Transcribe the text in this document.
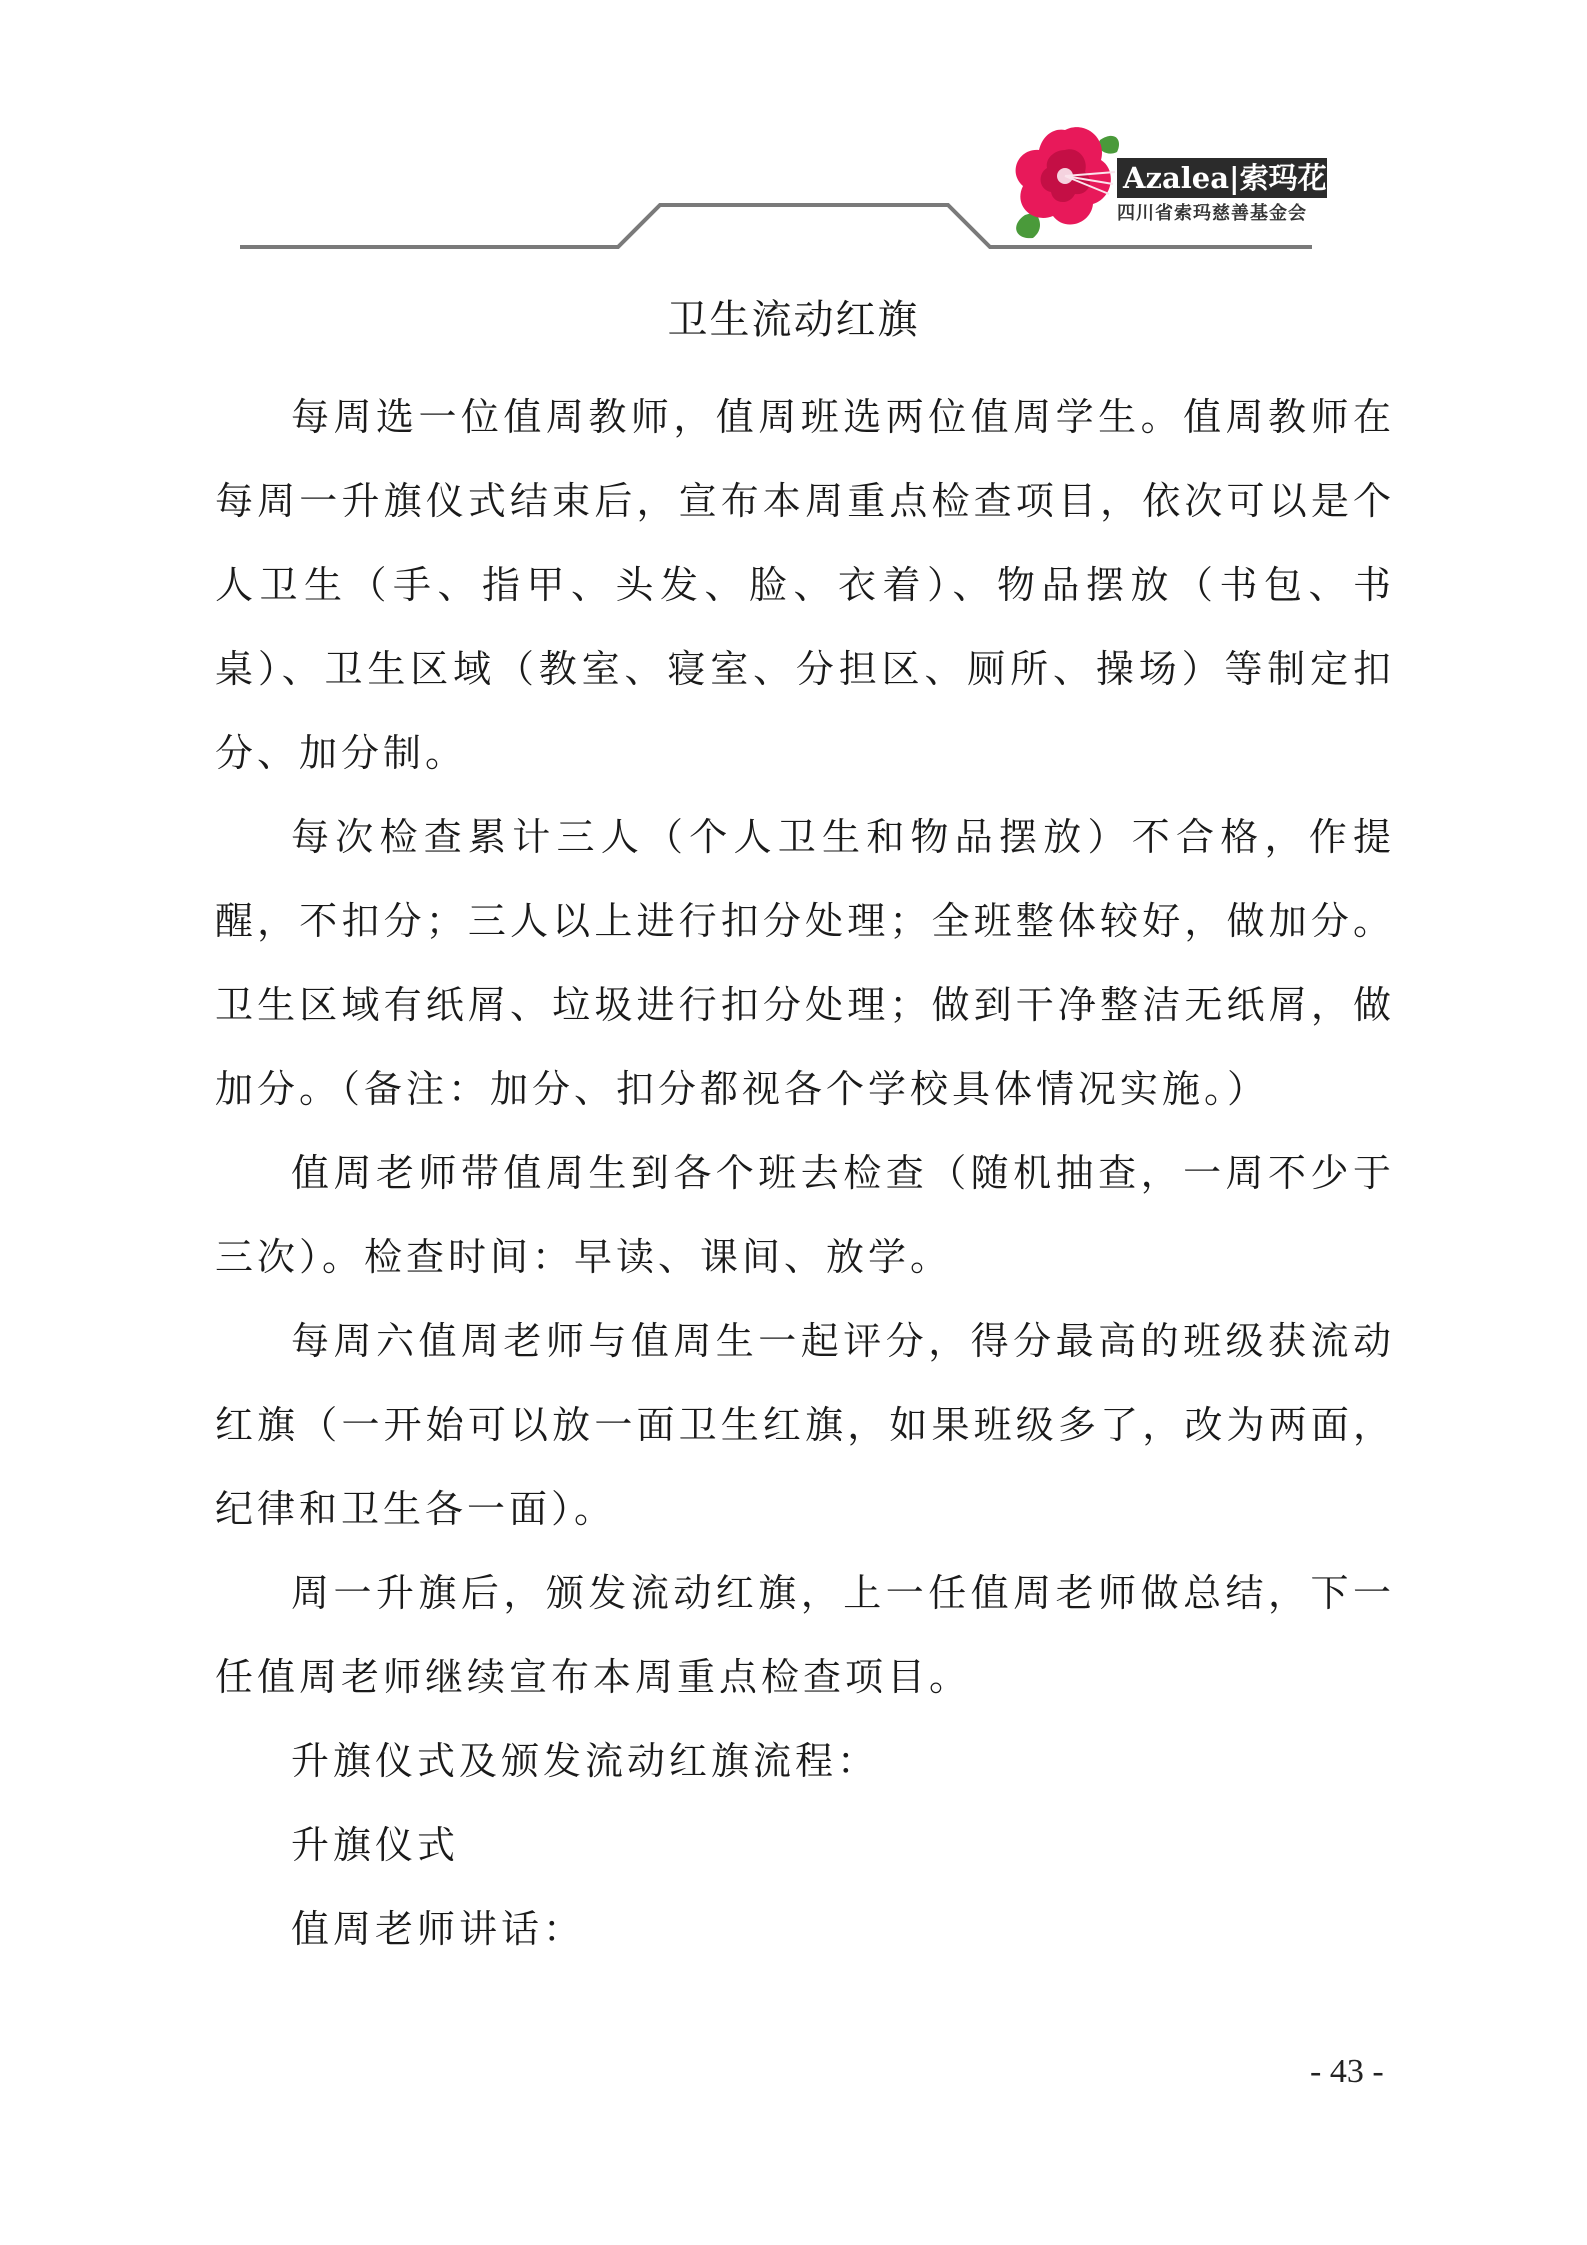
Azalea|索玛花
四川省索玛慈善基金会
卫生流动红旗

每周选一位值周教师，值周班选两位值周学生。值周教师在每周一升旗仪式结束后，宣布本周重点检查项目，依次可以是个人卫生（手、指甲、头发、脸、衣着）、物品摆放（书包、书桌）、卫生区域（教室、寝室、分担区、厕所、操场）等制定扣分、加分制。

每次检查累计三人（个人卫生和物品摆放）不合格，作提醒，不扣分；三人以上进行扣分处理；全班整体较好，做加分。卫生区域有纸屑、垃圾进行扣分处理；做到干净整洁无纸屑，做加分。（备注：加分、扣分都视各个学校具体情况实施。）

值周老师带值周生到各个班去检查（随机抽查，一周不少于三次）。检查时间：早读、课间、放学。

每周六值周老师与值周生一起评分，得分最高的班级获流动红旗（一开始可以放一面卫生红旗，如果班级多了，改为两面，纪律和卫生各一面）。

周一升旗后，颁发流动红旗，上一任值周老师做总结，下一任值周老师继续宣布本周重点检查项目。

升旗仪式及颁发流动红旗流程：

升旗仪式

值周老师讲话：

- 43 -
